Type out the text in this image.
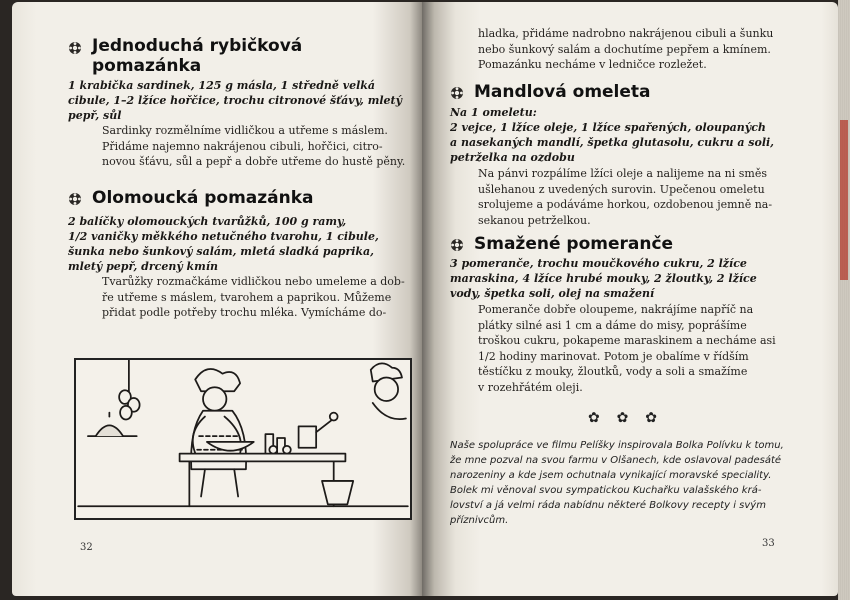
Jednoduchá rybičková
pomazánka
1 krabička sardinek, 125 g másla, 1 středně velká
cibule, 1–2 lžíce hořčice, trochu citronové šťávy, mletý
pepř, sůl
Sardinky rozmělníme vidličkou a utřeme s máslem.
Přidáme najemno nakrájenou cibuli, hořčici, citro-
novou šťávu, sůl a pepř a dobře utřeme do hustě pěny.
Olomoucká pomazánka
2 balíčky olomouckých tvarůžků, 100 g ramy,
1/2 vaničky měkkého netučného tvarohu, 1 cibule,
šunka nebo šunkový salám, mletá sladká paprika,
mletý pepř, drcený kmín
Tvarůžky rozmačkáme vidličkou nebo umeleme a dob-
ře utřeme s máslem, tvarohem a paprikou. Můžeme
přidat podle potřeby trochu mléka. Vymícháme do-
32
hladka, přidáme nadrobno nakrájenou cibuli a šunku
nebo šunkový salám a dochutíme pepřem a kmínem.
Pomazánku necháme v ledničce rozležet.
Mandlová omeleta
Na 1 omeletu:
2 vejce, 1 lžíce oleje, 1 lžíce spařených, oloupaných
a nasekaných mandlí, špetka glutasolu, cukru a soli,
petrželka na ozdobu
Na pánvi rozpálíme lžíci oleje a nalijeme na ni směs
ušlehanou z uvedených surovin. Upečenou omeletu
srolujeme a podáváme horkou, ozdobenou jemně na-
sekanou petrželkou.
Smažené pomeranče
3 pomeranče, trochu moučkového cukru, 2 lžíce
maraskina, 4 lžíce hrubé mouky, 2 žloutky, 2 lžíce
vody, špetka soli, olej na smažení
Pomeranče dobře oloupeme, nakrájíme napříč na
plátky silné asi 1 cm a dáme do misy, poprášíme
troškou cukru, pokapeme maraskinem a necháme asi
1/2 hodiny marinovat. Potom je obalíme v řídším
těstíčku z mouky, žloutků, vody a soli a smažíme
v rozehřátém oleji.
✿ ✿ ✿
Naše spolupráce ve filmu Pelíšky inspirovala Bolka Polívku k tomu,
že mne pozval na svou farmu v Olšanech, kde oslavoval padesáté
narozeniny a kde jsem ochutnala vynikající moravské speciality.
Bolek mi věnoval svou sympatickou Kuchařku valašského krá-
lovství a já velmi ráda nabídnu některé Bolkovy recepty i svým
příznivcům.
33
